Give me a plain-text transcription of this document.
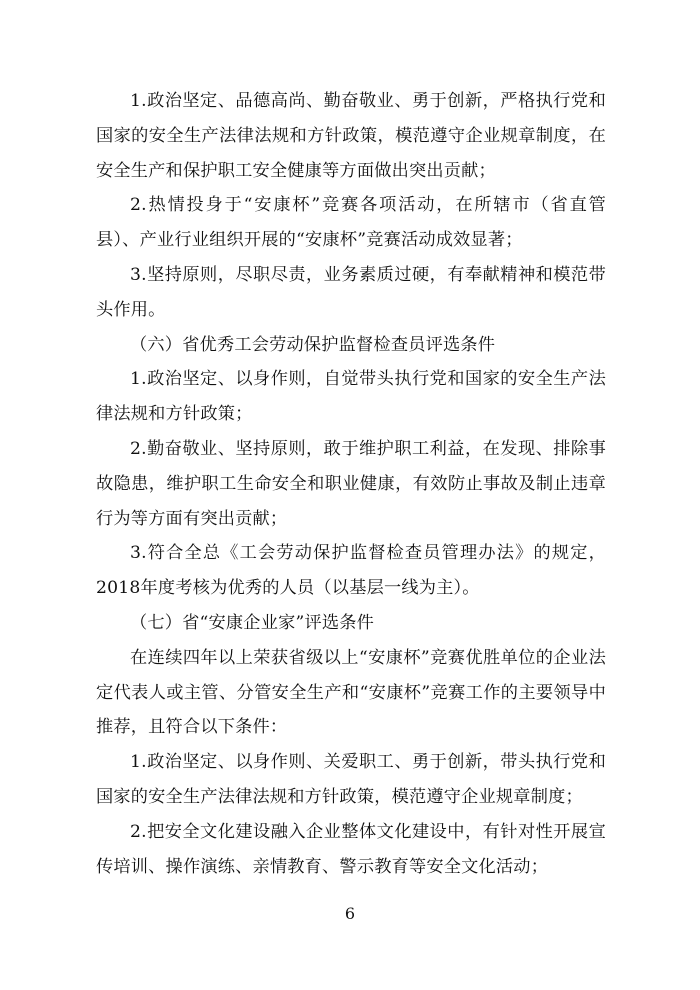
1.政治坚定、品德高尚、勤奋敬业、勇于创新，严格执行党和国家的安全生产法律法规和方针政策，模范遵守企业规章制度，在安全生产和保护职工安全健康等方面做出突出贡献；

2.热情投身于“安康杯”竞赛各项活动，在所辖市（省直管县）、产业行业组织开展的“安康杯”竞赛活动成效显著；

3.坚持原则，尽职尽责，业务素质过硬，有奉献精神和模范带头作用。

（六）省优秀工会劳动保护监督检查员评选条件

1.政治坚定、以身作则，自觉带头执行党和国家的安全生产法律法规和方针政策；

2.勤奋敬业、坚持原则，敢于维护职工利益，在发现、排除事故隐患，维护职工生命安全和职业健康，有效防止事故及制止违章行为等方面有突出贡献；

3.符合全总《工会劳动保护监督检查员管理办法》的规定，2018年度考核为优秀的人员（以基层一线为主）。

（七）省“安康企业家”评选条件

在连续四年以上荣获省级以上“安康杯”竞赛优胜单位的企业法定代表人或主管、分管安全生产和“安康杯”竞赛工作的主要领导中推荐，且符合以下条件：

1.政治坚定、以身作则、关爱职工、勇于创新，带头执行党和国家的安全生产法律法规和方针政策，模范遵守企业规章制度；

2.把安全文化建设融入企业整体文化建设中，有针对性开展宣传培训、操作演练、亲情教育、警示教育等安全文化活动；

6
